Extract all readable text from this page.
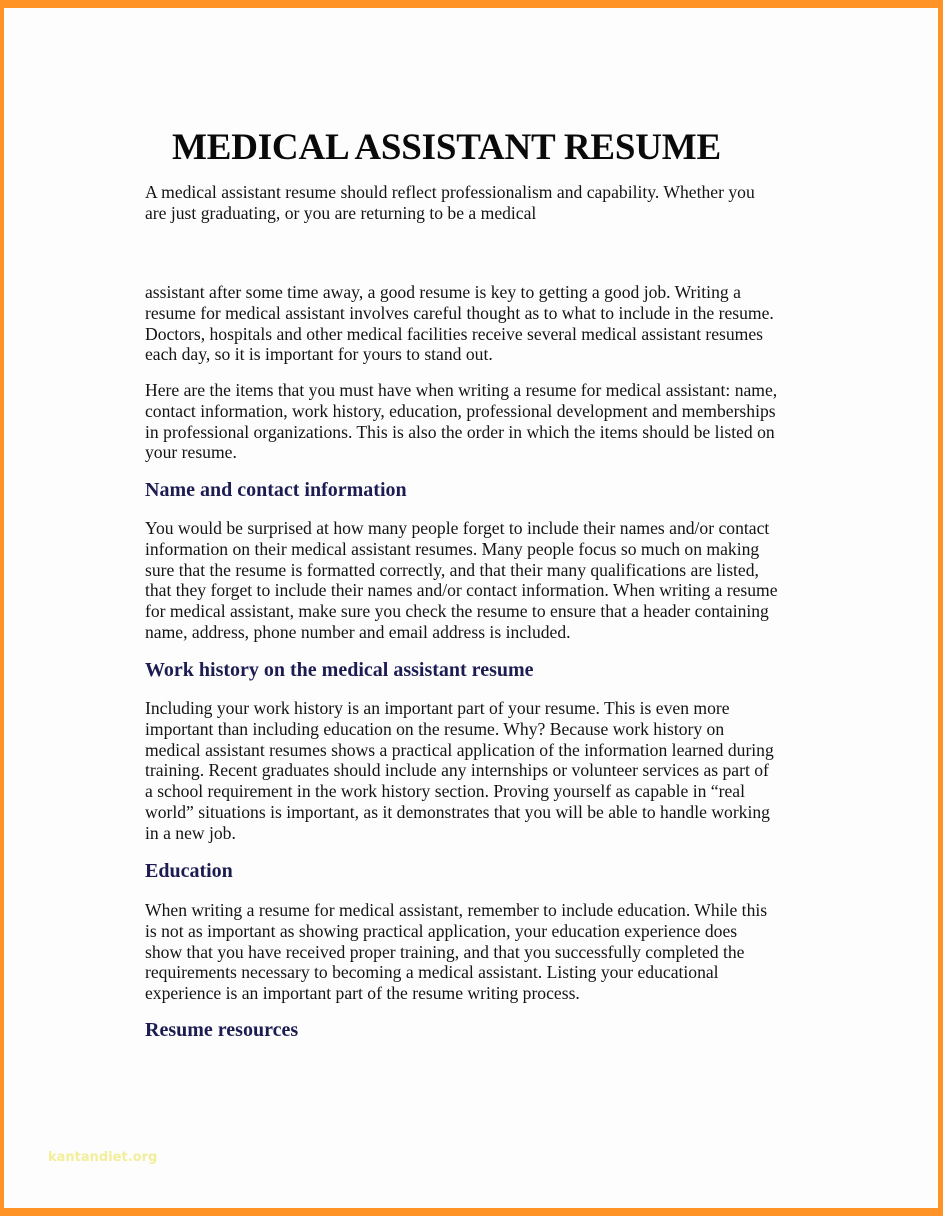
MEDICAL ASSISTANT RESUME

A medical assistant resume should reflect professionalism and capability. Whether you
are just graduating, or you are returning to be a medical

assistant after some time away, a good resume is key to getting a good job. Writing a
resume for medical assistant involves careful thought as to what to include in the resume.
Doctors, hospitals and other medical facilities receive several medical assistant resumes
each day, so it is important for yours to stand out.

Here are the items that you must have when writing a resume for medical assistant: name,
contact information, work history, education, professional development and memberships
in professional organizations. This is also the order in which the items should be listed on
your resume.

Name and contact information

You would be surprised at how many people forget to include their names and/or contact
information on their medical assistant resumes. Many people focus so much on making
sure that the resume is formatted correctly, and that their many qualifications are listed,
that they forget to include their names and/or contact information. When writing a resume
for medical assistant, make sure you check the resume to ensure that a header containing
name, address, phone number and email address is included.

Work history on the medical assistant resume

Including your work history is an important part of your resume. This is even more
important than including education on the resume. Why? Because work history on
medical assistant resumes shows a practical application of the information learned during
training. Recent graduates should include any internships or volunteer services as part of
a school requirement in the work history section. Proving yourself as capable in “real
world” situations is important, as it demonstrates that you will be able to handle working
in a new job.

Education

When writing a resume for medical assistant, remember to include education. While this
is not as important as showing practical application, your education experience does
show that you have received proper training, and that you successfully completed the
requirements necessary to becoming a medical assistant. Listing your educational
experience is an important part of the resume writing process.

Resume resources
kantandiet.org
